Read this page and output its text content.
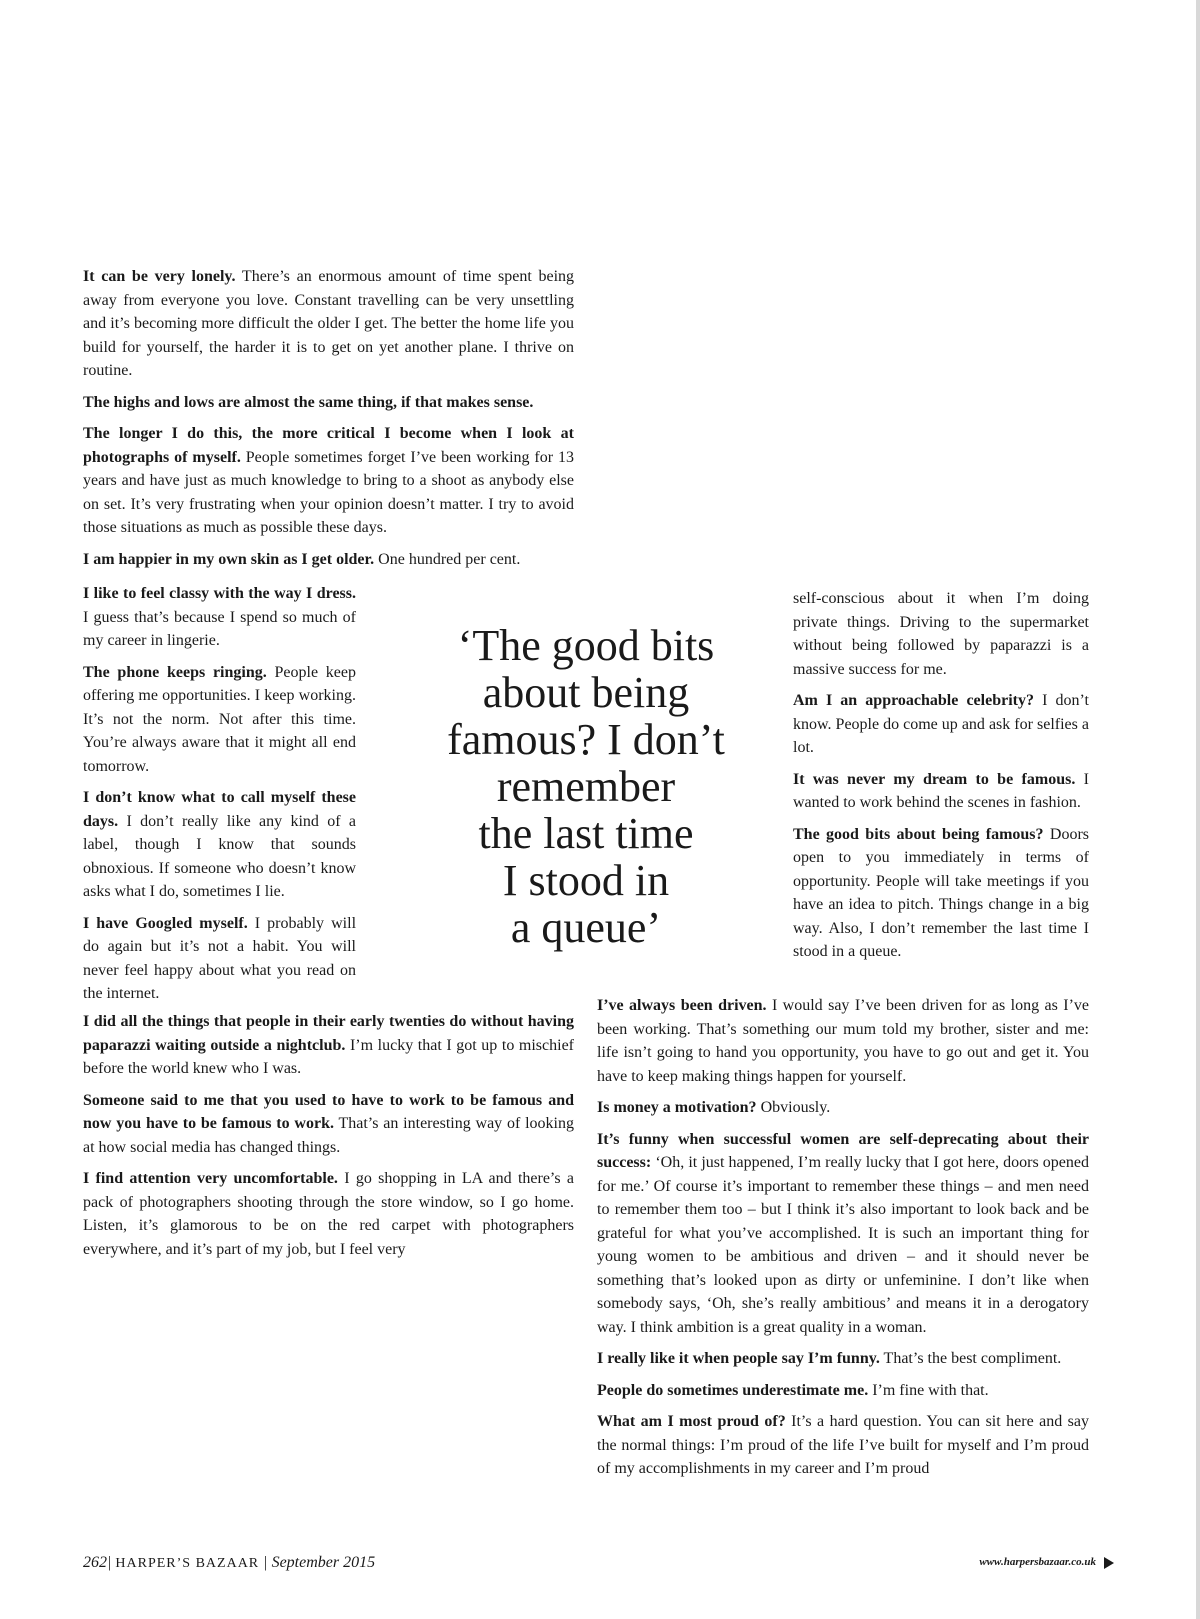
It can be very lonely. There’s an enormous amount of time spent being away from everyone you love. Constant travelling can be very unsettling and it’s becoming more difficult the older I get. The better the home life you build for yourself, the harder it is to get on yet another plane. I thrive on routine.

The highs and lows are almost the same thing, if that makes sense.

The longer I do this, the more critical I become when I look at photographs of myself. People sometimes forget I’ve been working for 13 years and have just as much knowledge to bring to a shoot as anybody else on set. It’s very frustrating when your opinion doesn’t matter. I try to avoid those situations as much as possible these days.

I am happier in my own skin as I get older. One hundred per cent.

I like to feel classy with the way I dress. I guess that’s because I spend so much of my career in lingerie.

The phone keeps ringing. People keep offering me opportunities. I keep working. It’s not the norm. Not after this time. You’re always aware that it might all end tomorrow.

I don’t know what to call myself these days. I don’t really like any kind of a label, though I know that sounds obnoxious. If someone who doesn’t know asks what I do, sometimes I lie.

I have Googled myself. I probably will do again but it’s not a habit. You will never feel happy about what you read on the internet.

I did all the things that people in their early twenties do without having paparazzi waiting outside a nightclub. I’m lucky that I got up to mischief before the world knew who I was.

Someone said to me that you used to have to work to be famous and now you have to be famous to work. That’s an interesting way of looking at how social media has changed things.

I find attention very uncomfortable. I go shopping in LA and there’s a pack of photographers shooting through the store window, so I go home. Listen, it’s glamorous to be on the red carpet with photographers everywhere, and it’s part of my job, but I feel very

self-conscious about it when I’m doing private things. Driving to the supermarket without being followed by paparazzi is a massive success for me.

Am I an approachable celebrity? I don’t know. People do come up and ask for selfies a lot.

It was never my dream to be famous. I wanted to work behind the scenes in fashion.

The good bits about being famous? Doors open to you immediately in terms of opportunity. People will take meetings if you have an idea to pitch. Things change in a big way. Also, I don’t remember the last time I stood in a queue.

I’ve always been driven. I would say I’ve been driven for as long as I’ve been working. That’s something our mum told my brother, sister and me: life isn’t going to hand you opportunity, you have to go out and get it. You have to keep making things happen for yourself.

Is money a motivation? Obviously.

It’s funny when successful women are self-deprecating about their success: ‘Oh, it just happened, I’m really lucky that I got here, doors opened for me.’ Of course it’s important to remember these things – and men need to remember them too – but I think it’s also important to look back and be grateful for what you’ve accomplished. It is such an important thing for young women to be ambitious and driven – and it should never be something that’s looked upon as dirty or unfeminine. I don’t like when somebody says, ‘Oh, she’s really ambitious’ and means it in a derogatory way. I think ambition is a great quality in a woman.

I really like it when people say I’m funny. That’s the best compliment.

People do sometimes underestimate me. I’m fine with that.

What am I most proud of? It’s a hard question. You can sit here and say the normal things: I’m proud of the life I’ve built for myself and I’m proud of my accomplishments in my career and I’m proud

‘The good bits
about being
famous? I don’t
remember
the last time
I stood in
a queue’
262| HARPER’S BAZAAR | September 2015	www.harpersbazaar.co.uk
